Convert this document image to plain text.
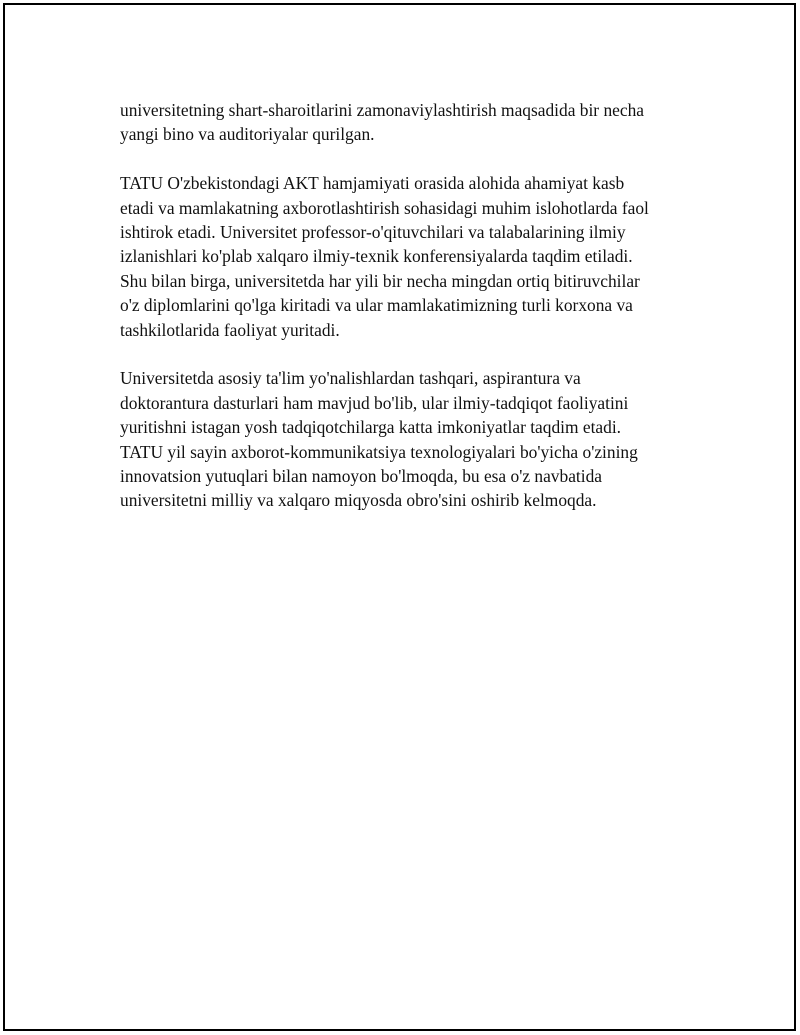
universitetning shart-sharoitlarini zamonaviylashtirish maqsadida bir necha
yangi bino va auditoriyalar qurilgan.

TATU O'zbekistondagi AKT hamjamiyati orasida alohida ahamiyat kasb
etadi va mamlakatning axborotlashtirish sohasidagi muhim islohotlarda faol
ishtirok etadi. Universitet professor-o'qituvchilari va talabalarining ilmiy
izlanishlari ko'plab xalqaro ilmiy-texnik konferensiyalarda taqdim etiladi.
Shu bilan birga, universitetda har yili bir necha mingdan ortiq bitiruvchilar
o'z diplomlarini qo'lga kiritadi va ular mamlakatimizning turli korxona va
tashkilotlarida faoliyat yuritadi.

Universitetda asosiy ta'lim yo'nalishlardan tashqari, aspirantura va
doktorantura dasturlari ham mavjud bo'lib, ular ilmiy-tadqiqot faoliyatini
yuritishni istagan yosh tadqiqotchilarga katta imkoniyatlar taqdim etadi.
TATU yil sayin axborot-kommunikatsiya texnologiyalari bo'yicha o'zining
innovatsion yutuqlari bilan namoyon bo'lmoqda, bu esa o'z navbatida
universitetni milliy va xalqaro miqyosda obro'sini oshirib kelmoqda.
